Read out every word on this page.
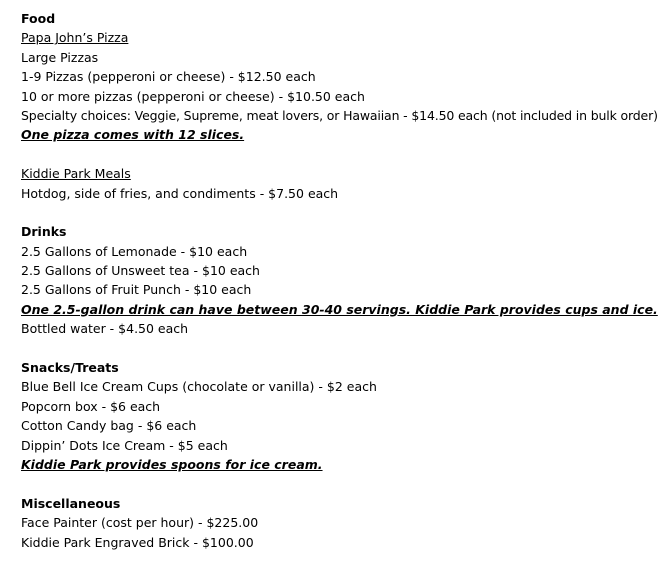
Food
Papa John’s Pizza
Large Pizzas
1-9 Pizzas (pepperoni or cheese) - $12.50 each
10 or more pizzas (pepperoni or cheese) - $10.50 each
Specialty choices: Veggie, Supreme, meat lovers, or Hawaiian - $14.50 each (not included in bulk order)
One pizza comes with 12 slices.
Kiddie Park Meals
Hotdog, side of fries, and condiments - $7.50 each
Drinks
2.5 Gallons of Lemonade - $10 each
2.5 Gallons of Unsweet tea - $10 each
2.5 Gallons of Fruit Punch - $10 each
One 2.5-gallon drink can have between 30-40 servings. Kiddie Park provides cups and ice.
Bottled water - $4.50 each
Snacks/Treats
Blue Bell Ice Cream Cups (chocolate or vanilla) - $2 each
Popcorn box - $6 each
Cotton Candy bag - $6 each
Dippin’ Dots Ice Cream - $5 each
Kiddie Park provides spoons for ice cream.
Miscellaneous
Face Painter (cost per hour) - $225.00
Kiddie Park Engraved Brick - $100.00
